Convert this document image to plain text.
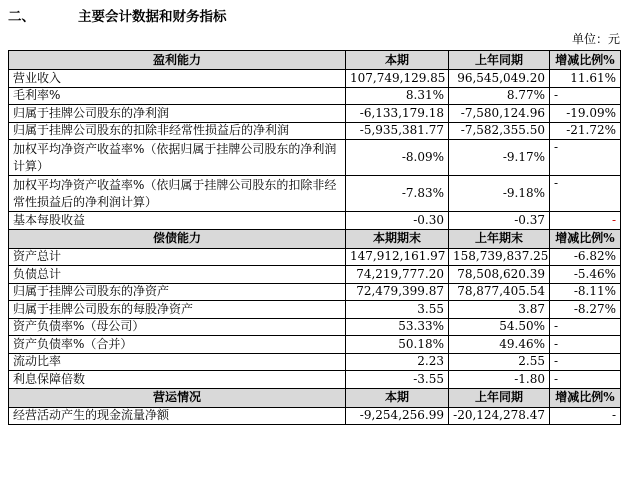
二、	主要会计数据和财务指标
单位：元
盈利能力	本期	上年同期	增减比例%
营业收入	107,749,129.85	96,545,049.20	11.61%
毛利率%	8.31%	8.77%	-
归属于挂牌公司股东的净利润	-6,133,179.18	-7,580,124.96	-19.09%
归属于挂牌公司股东的扣除非经常性损益后的净利润	-5,935,381.77	-7,582,355.50	-21.72%
加权平均净资产收益率%（依据归属于挂牌公司股东的净利润计算）	-8.09%	-9.17%	-
加权平均净资产收益率%（依归属于挂牌公司股东的扣除非经常性损益后的净利润计算）	-7.83%	-9.18%	-
基本每股收益	-0.30	-0.37	-
偿债能力	本期期末	上年期末	增减比例%
资产总计	147,912,161.97	158,739,837.25	-6.82%
负债总计	74,219,777.20	78,508,620.39	-5.46%
归属于挂牌公司股东的净资产	72,479,399.87	78,877,405.54	-8.11%
归属于挂牌公司股东的每股净资产	3.55	3.87	-8.27%
资产负债率%（母公司）	53.33%	54.50%	-
资产负债率%（合并）	50.18%	49.46%	-
流动比率	2.23	2.55	-
利息保障倍数	-3.55	-1.80	-
营运情况	本期	上年同期	增减比例%
经营活动产生的现金流量净额	-9,254,256.99	-20,124,278.47	-
